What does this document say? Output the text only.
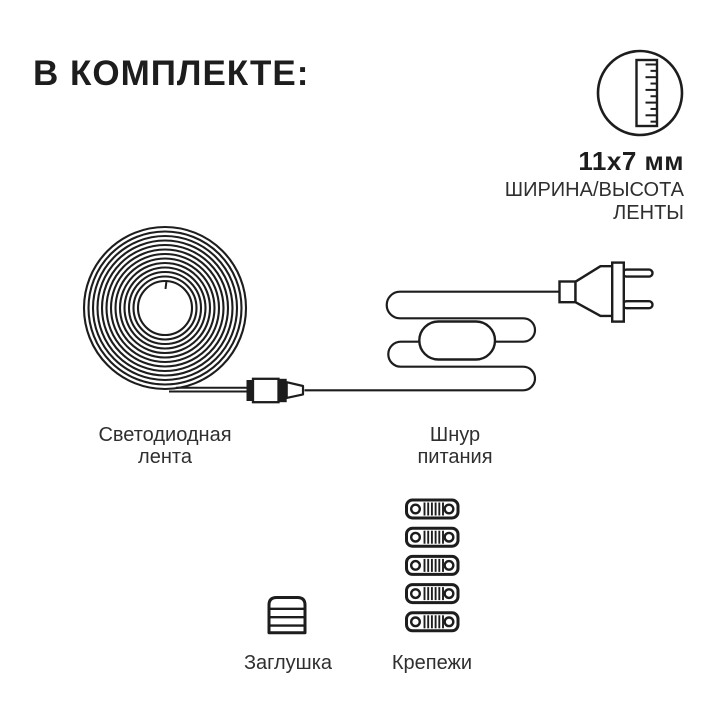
В КОМПЛЕКТЕ:
11x7 мм
ШИРИНА/ВЫСОТА
ЛЕНТЫ
Светодиодная
лента
Шнур
питания
Заглушка	Крепежи
